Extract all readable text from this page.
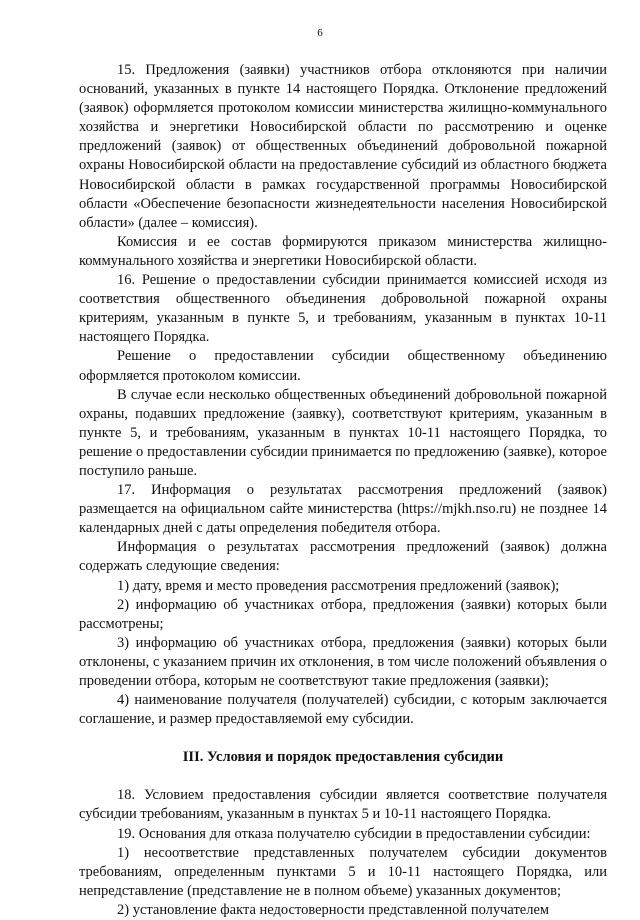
6

15. Предложения (заявки) участников отбора отклоняются при наличии оснований, указанных в пункте 14 настоящего Порядка. Отклонение предложений (заявок) оформляется протоколом комиссии министерства жилищно-коммунального хозяйства и энергетики Новосибирской области по рассмотрению и оценке предложений (заявок) от общественных объединений добровольной пожарной охраны Новосибирской области на предоставление субсидий из областного бюджета Новосибирской области в рамках государственной программы Новосибирской области «Обеспечение безопасности жизнедеятельности населения Новосибирской области» (далее – комиссия).

Комиссия и ее состав формируются приказом министерства жилищно-коммунального хозяйства и энергетики Новосибирской области.

16. Решение о предоставлении субсидии принимается комиссией исходя из соответствия общественного объединения добровольной пожарной охраны критериям, указанным в пункте 5, и требованиям, указанным в пунктах 10-11 настоящего Порядка.

Решение о предоставлении субсидии общественному объединению оформляется протоколом комиссии.

В случае если несколько общественных объединений добровольной пожарной охраны, подавших предложение (заявку), соответствуют критериям, указанным в пункте 5, и требованиям, указанным в пунктах 10-11 настоящего Порядка, то решение о предоставлении субсидии принимается по предложению (заявке), которое поступило раньше.

17. Информация о результатах рассмотрения предложений (заявок) размещается на официальном сайте министерства (https://mjkh.nso.ru) не позднее 14 календарных дней с даты определения победителя отбора.

Информация о результатах рассмотрения предложений (заявок) должна содержать следующие сведения:

1) дату, время и место проведения рассмотрения предложений (заявок);

2) информацию об участниках отбора, предложения (заявки) которых были рассмотрены;

3) информацию об участниках отбора, предложения (заявки) которых были отклонены, с указанием причин их отклонения, в том числе положений объявления о проведении отбора, которым не соответствуют такие предложения (заявки);

4) наименование получателя (получателей) субсидии, с которым заключается соглашение, и размер предоставляемой ему субсидии.

III. Условия и порядок предоставления субсидии

18. Условием предоставления субсидии является соответствие получателя субсидии требованиям, указанным в пунктах 5 и 10-11 настоящего Порядка.

19. Основания для отказа получателю субсидии в предоставлении субсидии:

1) несоответствие представленных получателем субсидии документов требованиям, определенным пунктами 5 и 10-11 настоящего Порядка, или непредставление (представление не в полном объеме) указанных документов;

2) установление факта недостоверности представленной получателем
